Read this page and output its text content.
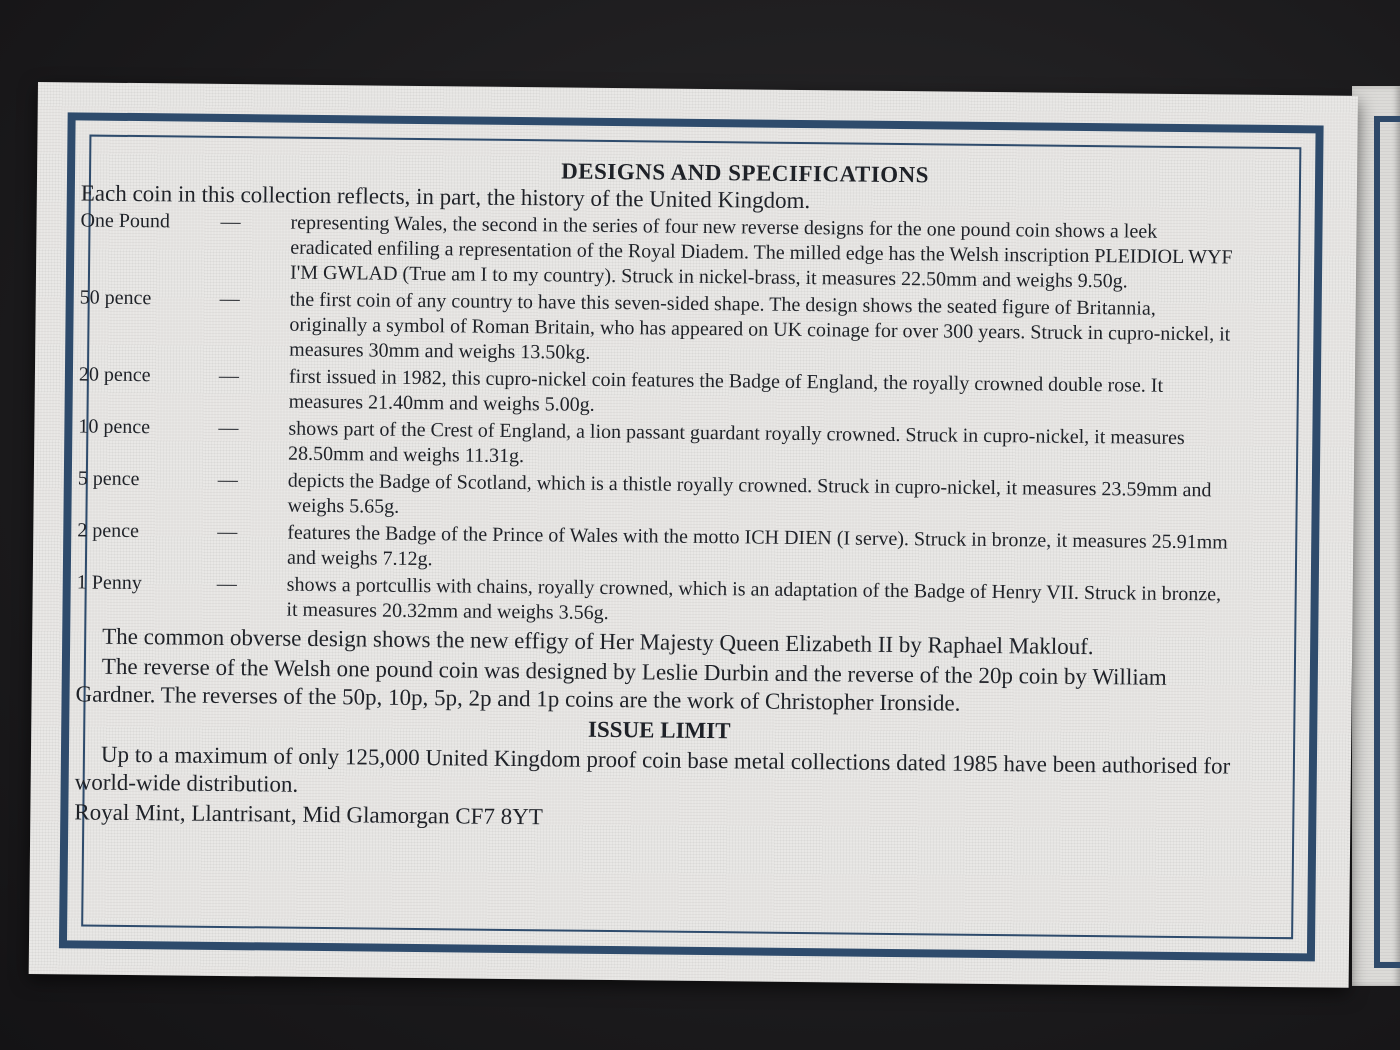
DESIGNS AND SPECIFICATIONS

Each coin in this collection reflects, in part, the history of the United Kingdom.

One Pound	—	representing Wales, the second in the series of four new reverse designs for the one pound coin shows a leek eradicated enfiling a representation of the Royal Diadem. The milled edge has the Welsh inscription PLEIDIOL WYF I'M GWLAD (True am I to my country). Struck in nickel-brass, it measures 22.50mm and weighs 9.50g.
50 pence	—	the first coin of any country to have this seven-sided shape. The design shows the seated figure of Britannia, originally a symbol of Roman Britain, who has appeared on UK coinage for over 300 years. Struck in cupro-nickel, it measures 30mm and weighs 13.50kg.
20 pence	—	first issued in 1982, this cupro-nickel coin features the Badge of England, the royally crowned double rose. It measures 21.40mm and weighs 5.00g.
10 pence	—	shows part of the Crest of England, a lion passant guardant royally crowned. Struck in cupro-nickel, it measures 28.50mm and weighs 11.31g.
5 pence	—	depicts the Badge of Scotland, which is a thistle royally crowned. Struck in cupro-nickel, it measures 23.59mm and weighs 5.65g.
2 pence	—	features the Badge of the Prince of Wales with the motto ICH DIEN (I serve). Struck in bronze, it measures 25.91mm and weighs 7.12g.
1 Penny	—	shows a portcullis with chains, royally crowned, which is an adaptation of the Badge of Henry VII. Struck in bronze, it measures 20.32mm and weighs 3.56g.

The common obverse design shows the new effigy of Her Majesty Queen Elizabeth II by Raphael Maklouf.

The reverse of the Welsh one pound coin was designed by Leslie Durbin and the reverse of the 20p coin by William Gardner. The reverses of the 50p, 10p, 5p, 2p and 1p coins are the work of Christopher Ironside.

ISSUE LIMIT

Up to a maximum of only 125,000 United Kingdom proof coin base metal collections dated 1985 have been authorised for world-wide distribution.

Royal Mint, Llantrisant, Mid Glamorgan CF7 8YT
